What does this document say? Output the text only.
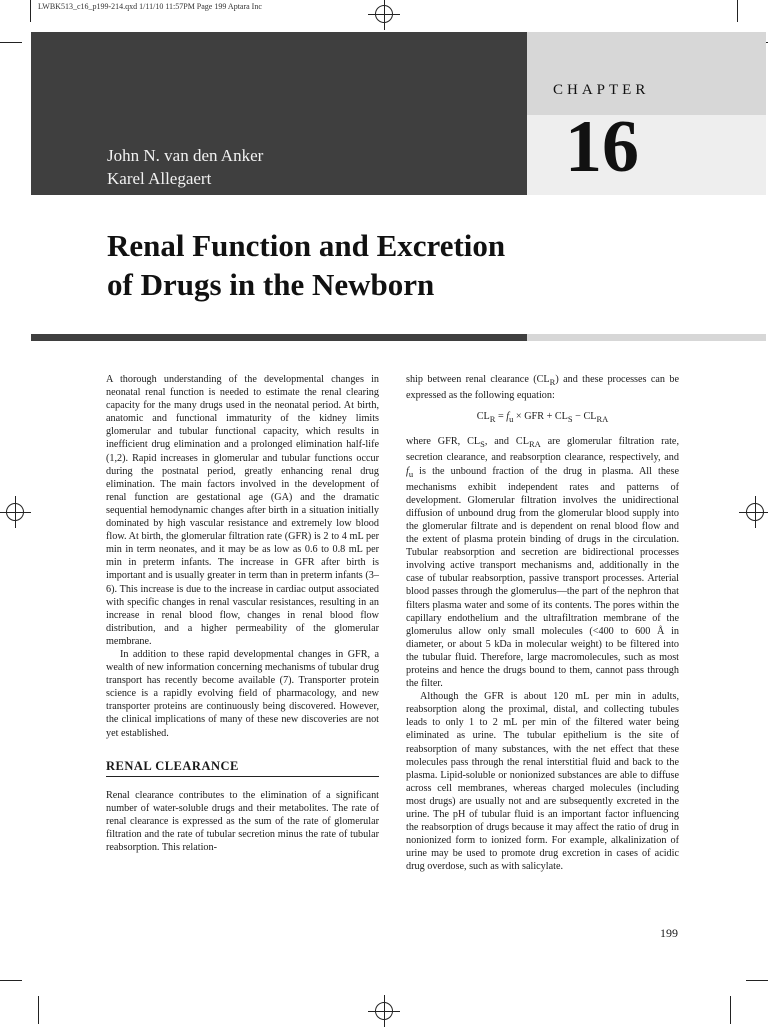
LWBK513_c16_p199-214.qxd 1/11/10 11:57PM Page 199 Aptara Inc
CHAPTER
16
John N. van den Anker
Karel Allegaert
Renal Function and Excretion
of Drugs in the Newborn

A thorough understanding of the developmental changes in neonatal renal function is needed to estimate the renal clearing capacity for the many drugs used in the neonatal period. At birth, anatomic and functional immaturity of the kidney limits glomerular and tubular functional capacity, which results in inefficient drug elimination and a prolonged elimination half-life (1,2). Rapid increases in glomerular and tubular functions occur during the postnatal period, greatly enhancing renal drug elimination. The main factors involved in the development of renal function are gestational age (GA) and the dramatic sequential hemodynamic changes after birth in a situation initially dominated by high vascular resistance and extremely low blood flow. At birth, the glomerular filtration rate (GFR) is 2 to 4 mL per min in term neonates, and it may be as low as 0.6 to 0.8 mL per min in preterm infants. The increase in GFR after birth is important and is usually greater in term than in preterm infants (3–6). This increase is due to the increase in cardiac output associated with specific changes in renal vascular resistances, resulting in an increase in renal blood flow, changes in renal blood flow distribution, and a higher permeability of the glomerular membrane.

In addition to these rapid developmental changes in GFR, a wealth of new information concerning mechanisms of tubular drug transport has recently become available (7). Transporter protein science is a rapidly evolving field of pharmacology, and new transporter proteins are continuously being discovered. However, the clinical implications of many of these new discoveries are not yet established.

RENAL CLEARANCE

Renal clearance contributes to the elimination of a significant number of water-soluble drugs and their metabolites. The rate of renal clearance is expressed as the sum of the rate of glomerular filtration and the rate of tubular secretion minus the rate of tubular reabsorption. This relation-

ship between renal clearance $(CL_R)$ and these processes can be expressed as the following equation:

$CL_R = f_u$ × GFR + $CL_S - CL_{RA}$

where GFR, $CL_S$, and $CL_{RA}$ are glomerular filtration rate, secretion clearance, and reabsorption clearance, respectively, and $f_u$ is the unbound fraction of the drug in plasma. All these mechanisms exhibit independent rates and patterns of development. Glomerular filtration involves the unidirectional diffusion of unbound drug from the glomerular blood supply into the glomerular filtrate and is dependent on renal blood flow and the extent of plasma protein binding of drugs in the circulation. Tubular reabsorption and secretion are bidirectional processes involving active transport mechanisms and, additionally in the case of tubular reabsorption, passive transport processes. Arterial blood passes through the glomerulus—the part of the nephron that filters plasma water and some of its contents. The pores within the capillary endothelium and the ultrafiltration membrane of the glomerulus allow only small molecules (<400 to 600 Å in diameter, or about 5 kDa in molecular weight) to be filtered into the tubular fluid. Therefore, large macromolecules, such as most proteins and hence the drugs bound to them, cannot pass through the filter.

Although the GFR is about 120 mL per min in adults, reabsorption along the proximal, distal, and collecting tubules leads to only 1 to 2 mL per min of the filtered water being eliminated as urine. The tubular epithelium is the site of reabsorption of many substances, with the net effect that these molecules pass through the renal interstitial fluid and back to the plasma. Lipid-soluble or nonionized substances are able to diffuse across cell membranes, whereas charged molecules (including most drugs) are usually not and are subsequently excreted in the urine. The pH of tubular fluid is an important factor influencing the reabsorption of drugs because it may affect the ratio of drug in nonionized form to ionized form. For example, alkalinization of urine may be used to promote drug excretion in cases of acidic drug overdose, such as with salicylate.

199
